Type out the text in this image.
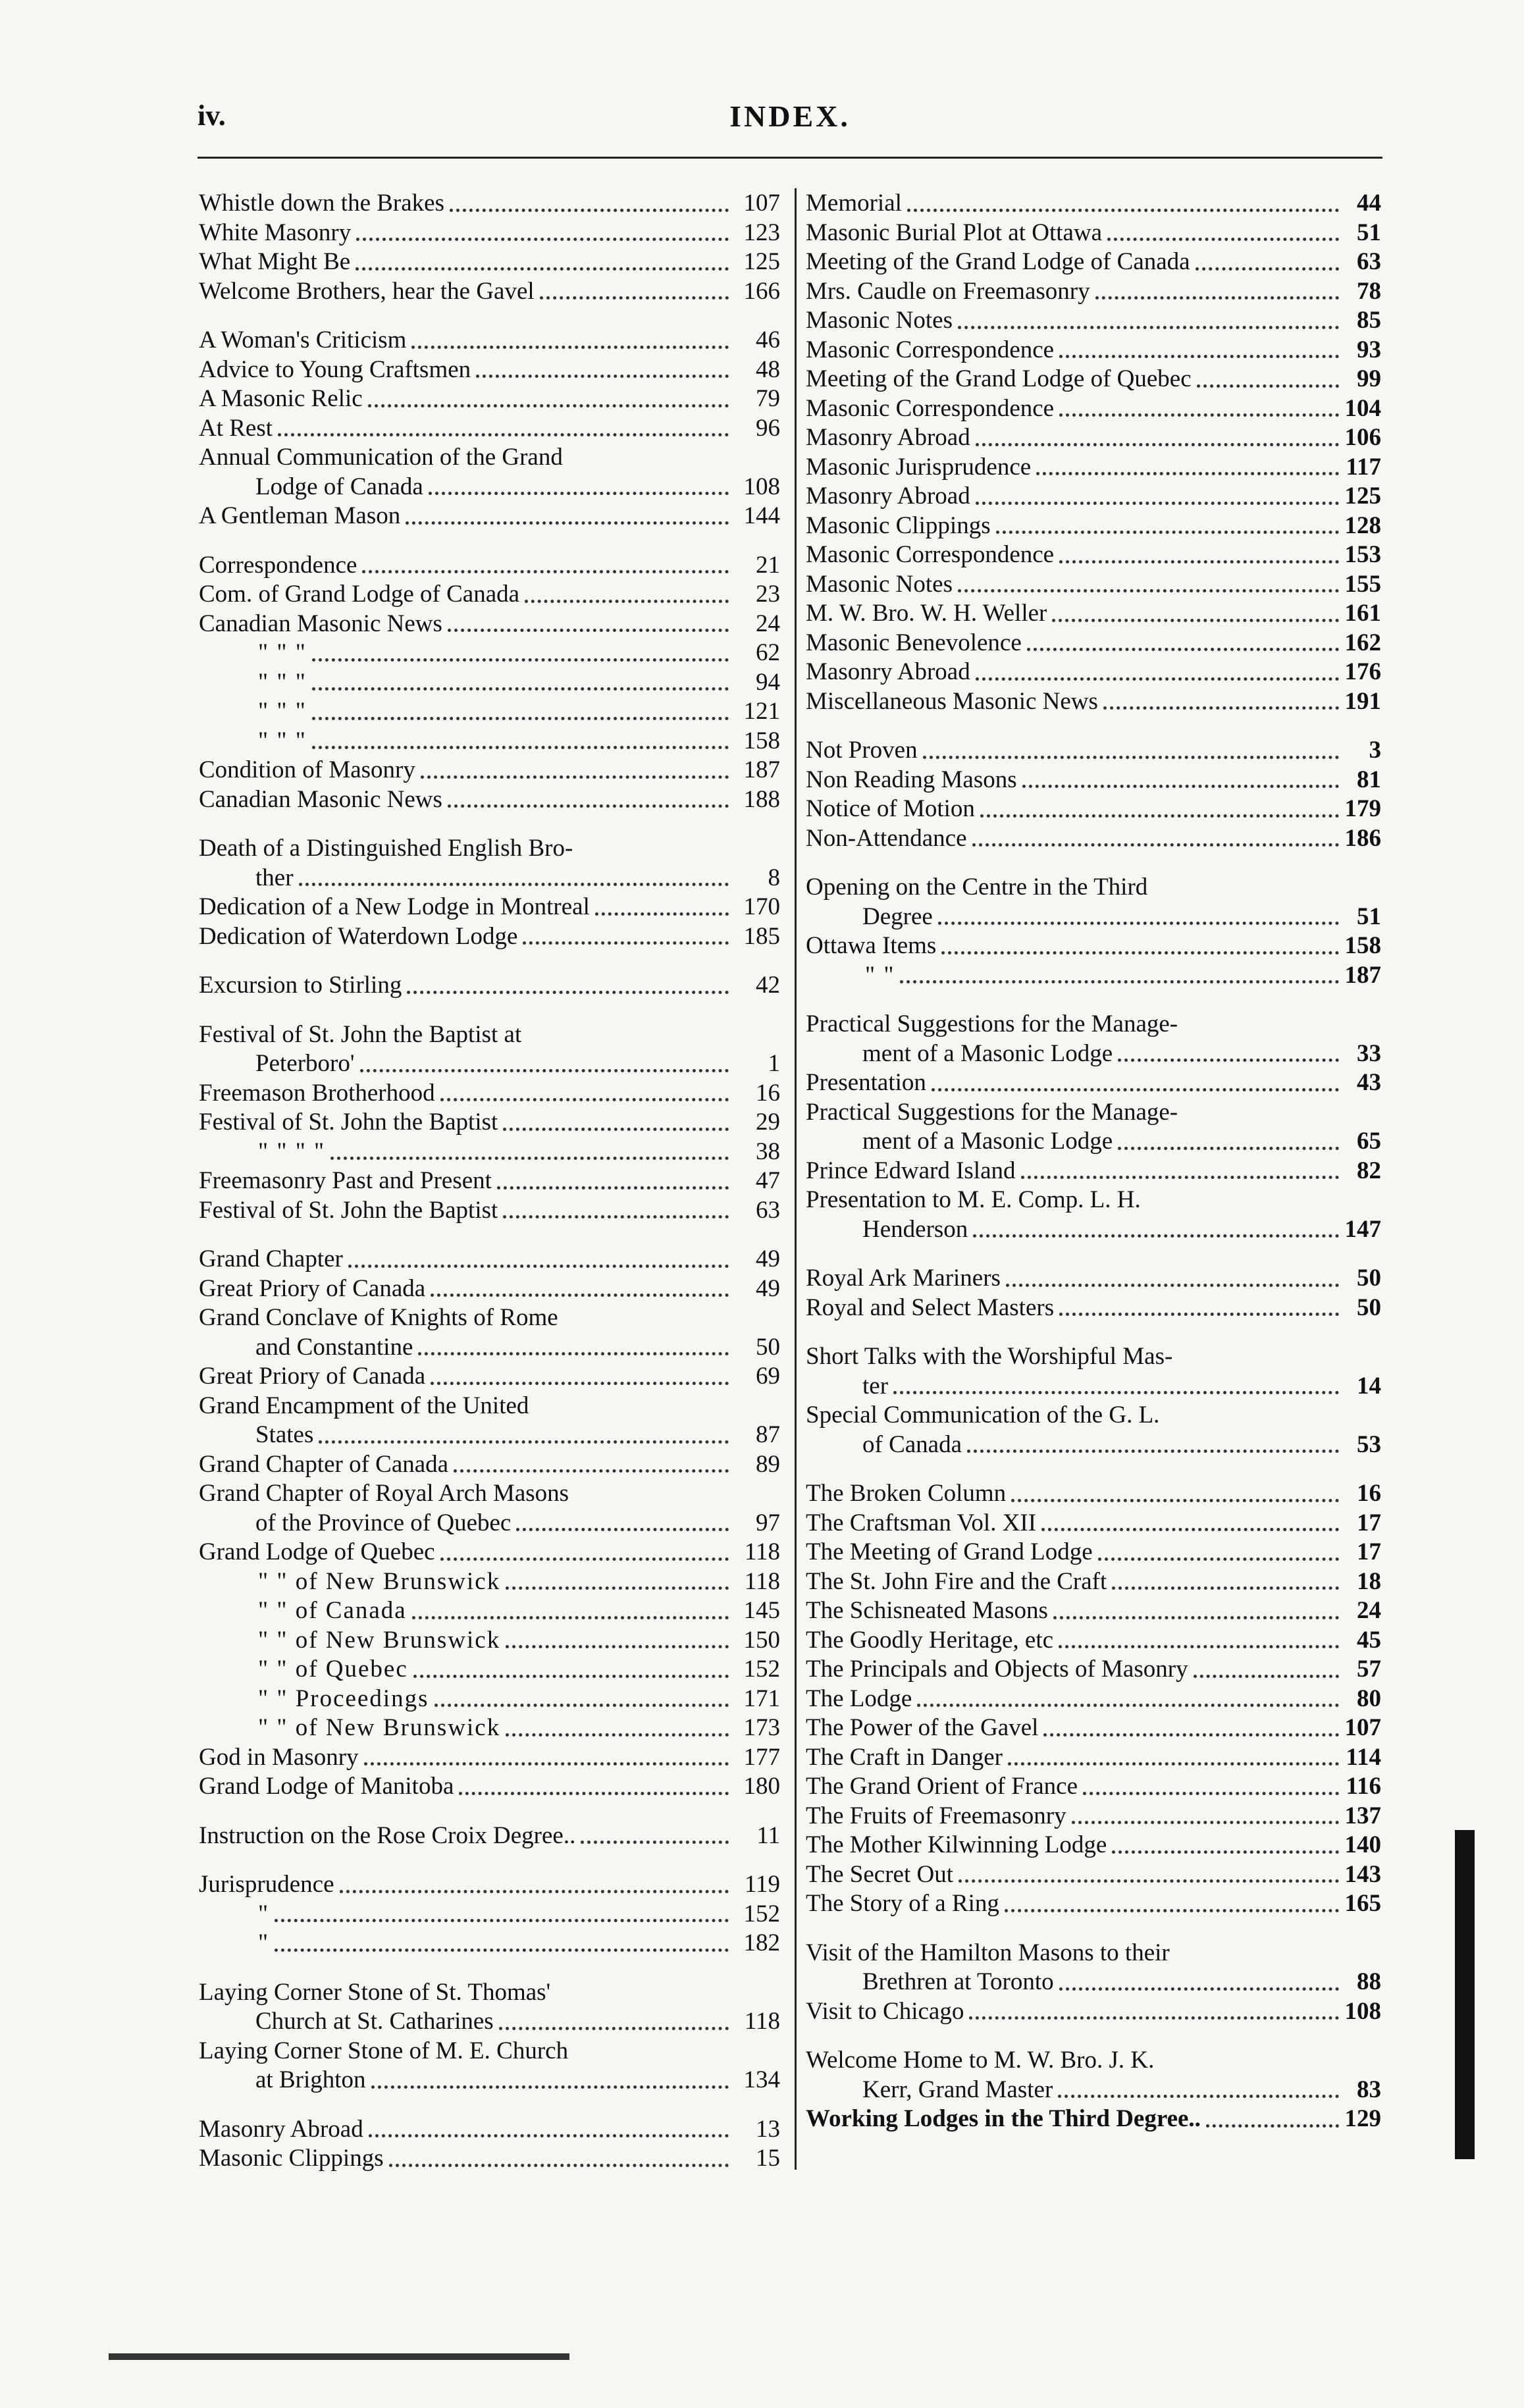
iv.	INDEX.
Whistle down the Brakes	107
White Masonry	123
What Might Be	125
Welcome Brothers, hear the Gavel	166
A Woman's Criticism	46
Advice to Young Craftsmen	48
A Masonic Relic	79
At Rest	96
Annual Communication of the Grand
Lodge of Canada	108
A Gentleman Mason	144
Correspondence	21
Com. of Grand Lodge of Canada	23
Canadian Masonic News	24
" " "	62
" " "	94
" " "	121
" " "	158
Condition of Masonry	187
Canadian Masonic News	188
Death of a Distinguished English Bro-
ther	8
Dedication of a New Lodge in Montreal	170
Dedication of Waterdown Lodge	185
Excursion to Stirling	42
Festival of St. John the Baptist at
Peterboro'	1
Freemason Brotherhood	16
Festival of St. John the Baptist	29
" " " "	38
Freemasonry Past and Present	47
Festival of St. John the Baptist	63
Grand Chapter	49
Great Priory of Canada	49
Grand Conclave of Knights of Rome
and Constantine	50
Great Priory of Canada	69
Grand Encampment of the United
States	87
Grand Chapter of Canada	89
Grand Chapter of Royal Arch Masons
of the Province of Quebec	97
Grand Lodge of Quebec	118
" " of New Brunswick	118
" " of Canada	145
" " of New Brunswick	150
" " of Quebec	152
" " Proceedings	171
" " of New Brunswick	173
God in Masonry	177
Grand Lodge of Manitoba	180
Instruction on the Rose Croix Degree..	11
Jurisprudence	119
"	152
"	182
Laying Corner Stone of St. Thomas'
Church at St. Catharines	118
Laying Corner Stone of M. E. Church
at Brighton	134
Masonry Abroad	13
Masonic Clippings	15
Memorial	44
Masonic Burial Plot at Ottawa	51
Meeting of the Grand Lodge of Canada	63
Mrs. Caudle on Freemasonry	78
Masonic Notes	85
Masonic Correspondence	93
Meeting of the Grand Lodge of Quebec	99
Masonic Correspondence	104
Masonry Abroad	106
Masonic Jurisprudence	117
Masonry Abroad	125
Masonic Clippings	128
Masonic Correspondence	153
Masonic Notes	155
M. W. Bro. W. H. Weller	161
Masonic Benevolence	162
Masonry Abroad	176
Miscellaneous Masonic News	191
Not Proven	3
Non Reading Masons	81
Notice of Motion	179
Non-Attendance	186
Opening on the Centre in the Third
Degree	51
Ottawa Items	158
" "	187
Practical Suggestions for the Manage-
ment of a Masonic Lodge	33
Presentation	43
Practical Suggestions for the Manage-
ment of a Masonic Lodge	65
Prince Edward Island	82
Presentation to M. E. Comp. L. H.
Henderson	147
Royal Ark Mariners	50
Royal and Select Masters	50
Short Talks with the Worshipful Mas-
ter	14
Special Communication of the G. L.
of Canada	53
The Broken Column	16
The Craftsman Vol. XII	17
The Meeting of Grand Lodge	17
The St. John Fire and the Craft	18
The Schisneated Masons	24
The Goodly Heritage, etc	45
The Principals and Objects of Masonry	57
The Lodge	80
The Power of the Gavel	107
The Craft in Danger	114
The Grand Orient of France	116
The Fruits of Freemasonry	137
The Mother Kilwinning Lodge	140
The Secret Out	143
The Story of a Ring	165
Visit of the Hamilton Masons to their
Brethren at Toronto	88
Visit to Chicago	108
Welcome Home to M. W. Bro. J. K.
Kerr, Grand Master	83
Working Lodges in the Third Degree..	129
